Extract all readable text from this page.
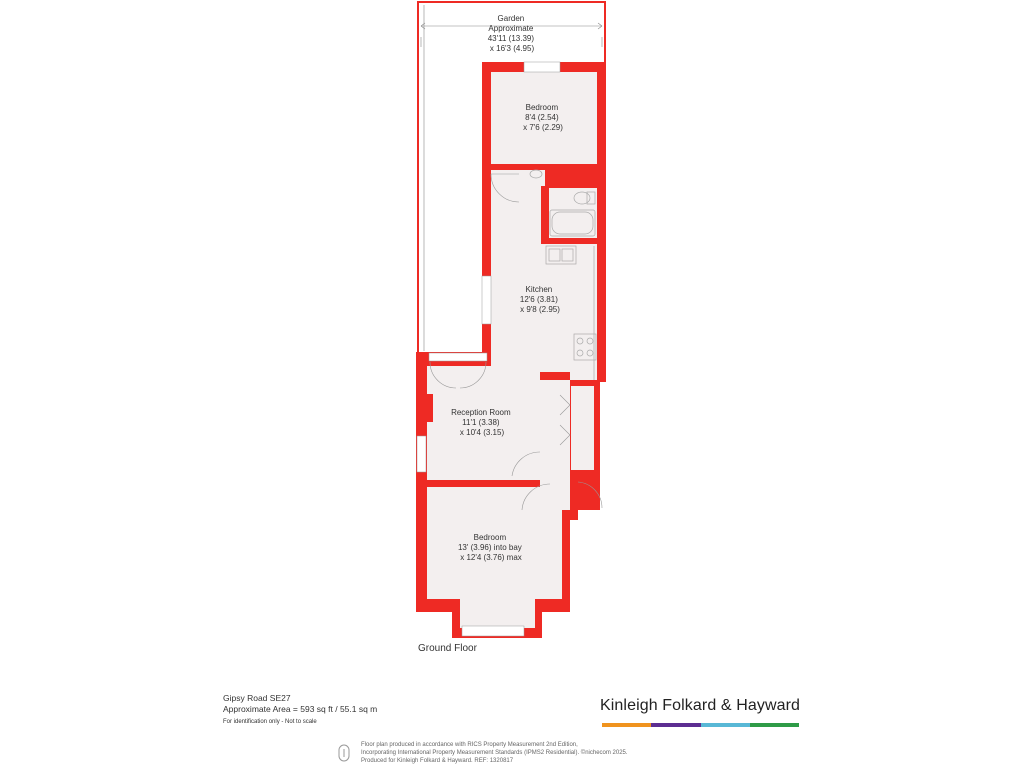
Garden Approximate 43'11 (13.39) x 16'3 (4.95)
Bedroom 8'4 (2.54) x 7'6 (2.29)
Kitchen 12'6 (3.81) x 9'8 (2.95)
Reception Room 11'1 (3.38) x 10'4 (3.15)
Bedroom 13' (3.96) into bay x 12'4 (3.76) max
Ground Floor
Gipsy Road SE27
Approximate Area = 593 sq ft / 55.1 sq m
For identification only - Not to scale
Kinleigh Folkard & Hayward
Floor plan produced in accordance with RICS Property Measurement 2nd Edition,
Incorporating International Property Measurement Standards (IPMS2 Residential). ©nichecom 2025.
Produced for Kinleigh Folkard & Hayward. REF: 1320817
